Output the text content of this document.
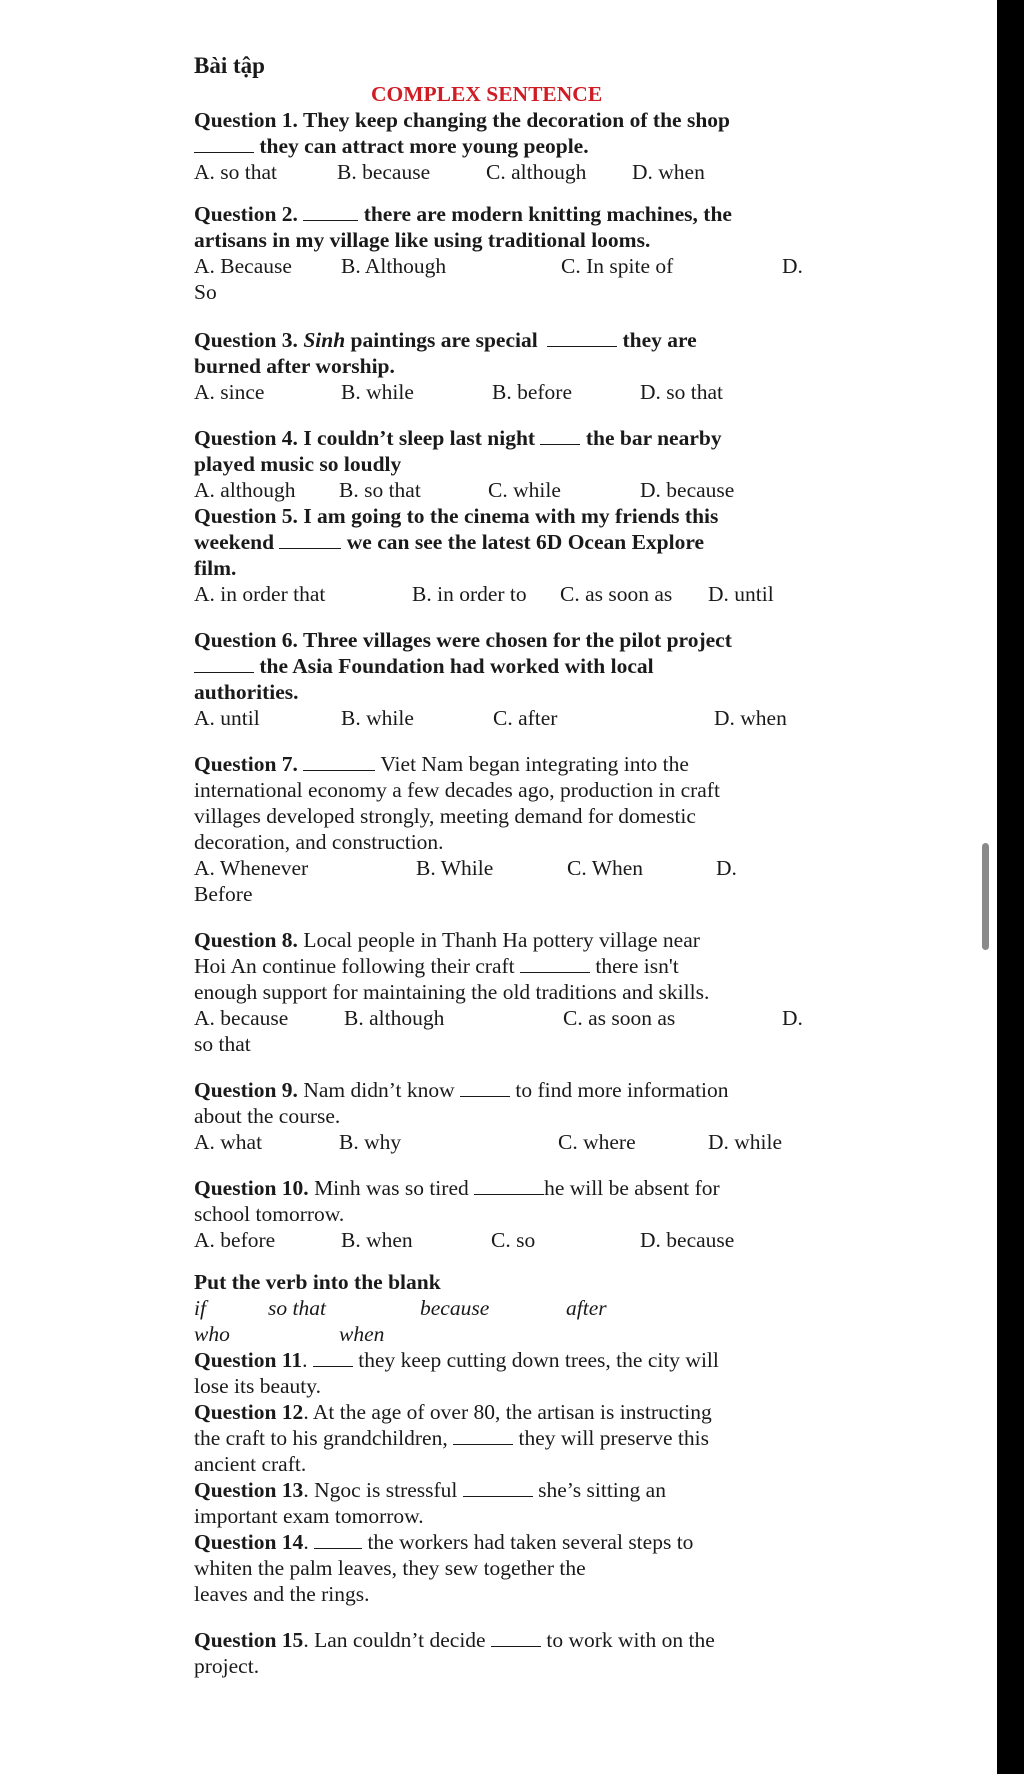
Bài tập
COMPLEX SENTENCE
Question 1. They keep changing the decoration of the shop
they can attract more young people.
A. so that	B. because	C. although D. when
Question 2.	there are modern knitting machines, the
artisans in my village like using traditional looms.
A. Because B. Although	C. In spite of	D.
So
Question 3. Sinh paintings are special	they are
burned after worship.
A. since	B. while	B. before	D. so that
Question 4. I couldn’t sleep last night the bar nearby
played music so loudly
A. although B. so that	C. while	D. because
Question 5. I am going to the cinema with my friends this
weekend	we can see the latest 6D Ocean Explore
film.
A. in order that	B. in order to C. as soon as D. until
Question 6. Three villages were chosen for the pilot project
the Asia Foundation had worked with local
authorities.
A. until	B. while	C. after	D. when
Question 7.	Viet Nam began integrating into the
international economy a few decades ago, production in craft
villages developed strongly, meeting demand for domestic
decoration, and construction.
A. Whenever	B. While	C. When	D.
Before
Question 8. Local people in Thanh Ha pottery village near
Hoi An continue following their craft	there isn't
enough support for maintaining the old traditions and skills.
A. because	B. although	C. as soon as	D.
so that
Question 9. Nam didn’t know	to find more information
about the course.
A. what	B. why	C. where	D. while
Question 10. Minh was so tired	he will be absent for
school tomorrow.
A. before	B. when	C. so	D. because
Put the verb into the blank
if	so that	because	after
who	when
Question 11.  they keep cutting down trees, the city will
lose its beauty.
Question 12. At the age of over 80, the artisan is instructing
the craft to his grandchildren,	they will preserve this
ancient craft.
Question 13. Ngoc is stressful	she’s sitting an
important exam tomorrow.
Question 14.  the workers had taken several steps to
whiten the palm leaves, they sew together the
leaves and the rings.
Question 15. Lan couldn’t decide	to work with on the
project.
